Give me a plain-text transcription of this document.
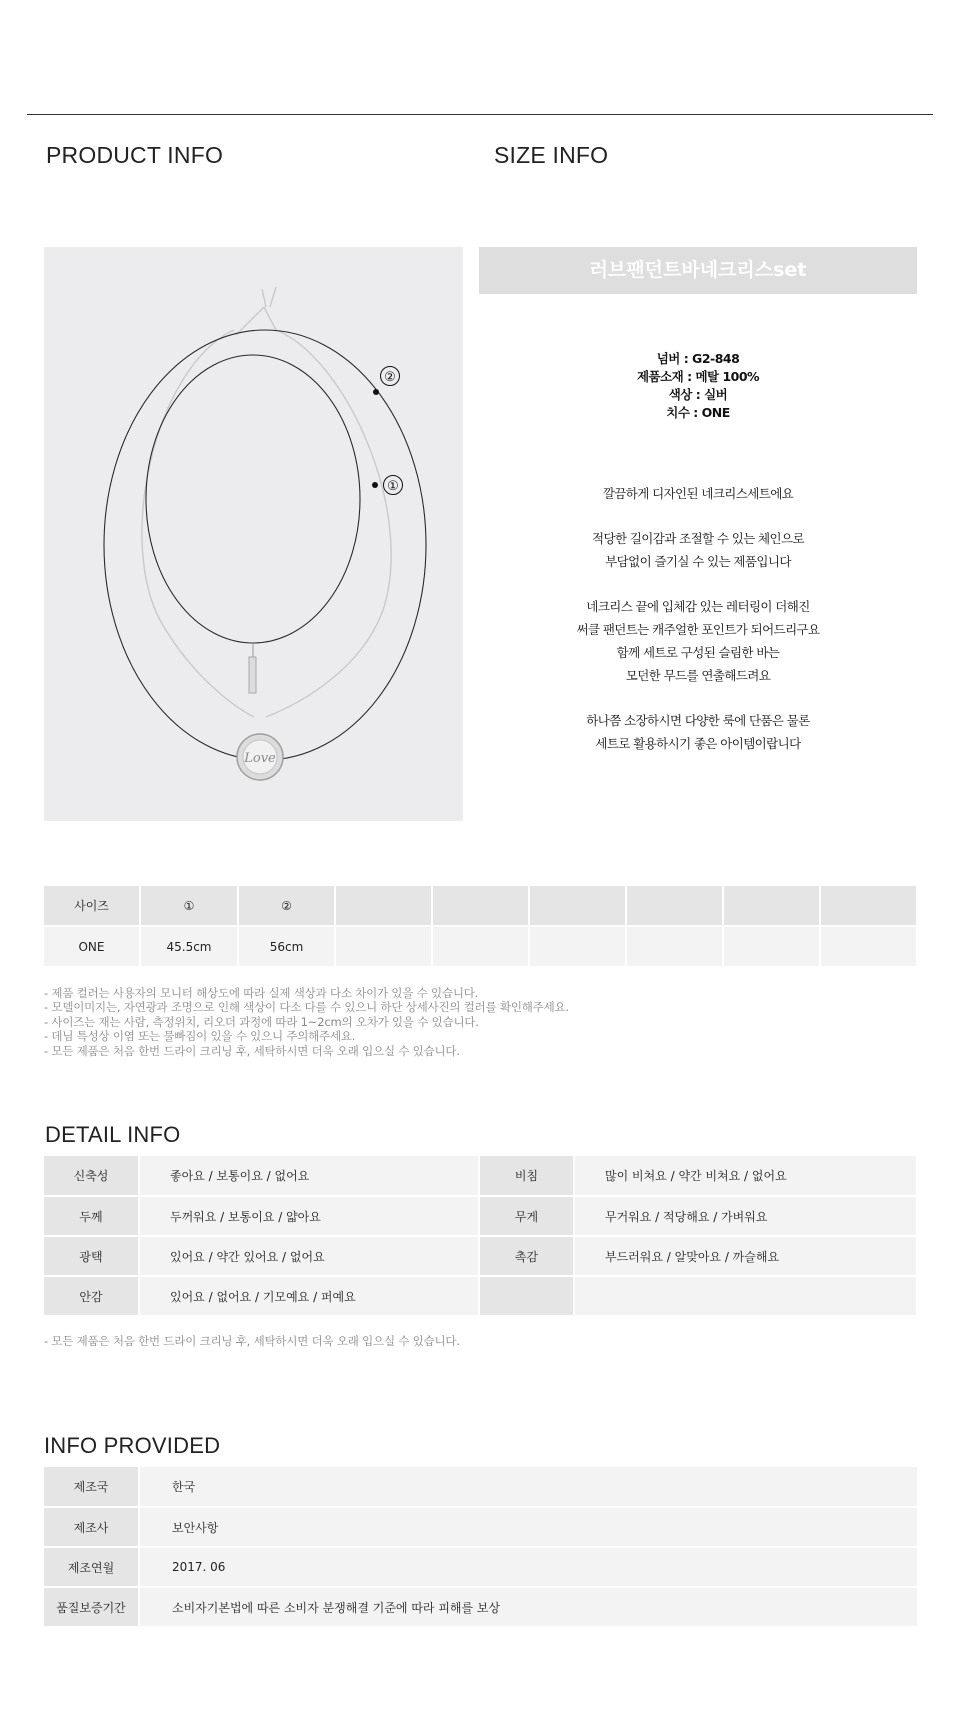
PRODUCT INFO	SIZE INFO
Love
②
①
러브팬던트바네크리스set
넘버 : G2-848
제품소재 : 메탈 100%
색상 : 실버
치수 : ONE
깔끔하게 디자인된 네크리스세트에요
적당한 길이감과 조절할 수 있는 체인으로
부담없이 즐기실 수 있는 제품입니다
네크리스 끝에 입체감 있는 레터링이 더해진
써클 팬던트는 캐주얼한 포인트가 되어드리구요
함께 세트로 구성된 슬림한 바는
모던한 무드를 연출해드려요
하나쯤 소장하시면 다양한 룩에 단품은 물론
세트로 활용하시기 좋은 아이템이랍니다
사이즈	①	②						
ONE	45.5cm	56cm						
- 제품 컬러는 사용자의 모니터 해상도에 따라 실제 색상과 다소 차이가 있을 수 있습니다.
- 모델이미지는, 자연광과 조명으로 인해 색상이 다소 다를 수 있으니 하단 상세사진의 컬러를 확인해주세요.
- 사이즈는 재는 사람, 측정위치, 리오더 과정에 따라 1~2cm의 오차가 있을 수 있습니다.
- 데님 특성상 이염 또는 물빠짐이 있을 수 있으니 주의해주세요.
- 모든 제품은 처음 한번 드라이 크리닝 후, 세탁하시면 더욱 오래 입으실 수 있습니다.
DETAIL INFO
신축성	좋아요 / 보통이요 / 없어요	비침	많이 비쳐요 / 약간 비쳐요 / 없어요
두께	두꺼워요 / 보통이요 / 얇아요	무게	무거워요 / 적당해요 / 가벼워요
광택	있어요 / 약간 있어요 / 없어요	촉감	부드러워요 / 알맞아요 / 까슬해요
안감	있어요 / 없어요 / 기모예요 / 퍼예요		
- 모든 제품은 처음 한번 드라이 크리닝 후, 세탁하시면 더욱 오래 입으실 수 있습니다.
INFO PROVIDED
제조국	한국
제조사	보안사항
제조연월	2017. 06
품질보증기간	소비자기본법에 따른 소비자 분쟁해결 기준에 따라 피해를 보상
